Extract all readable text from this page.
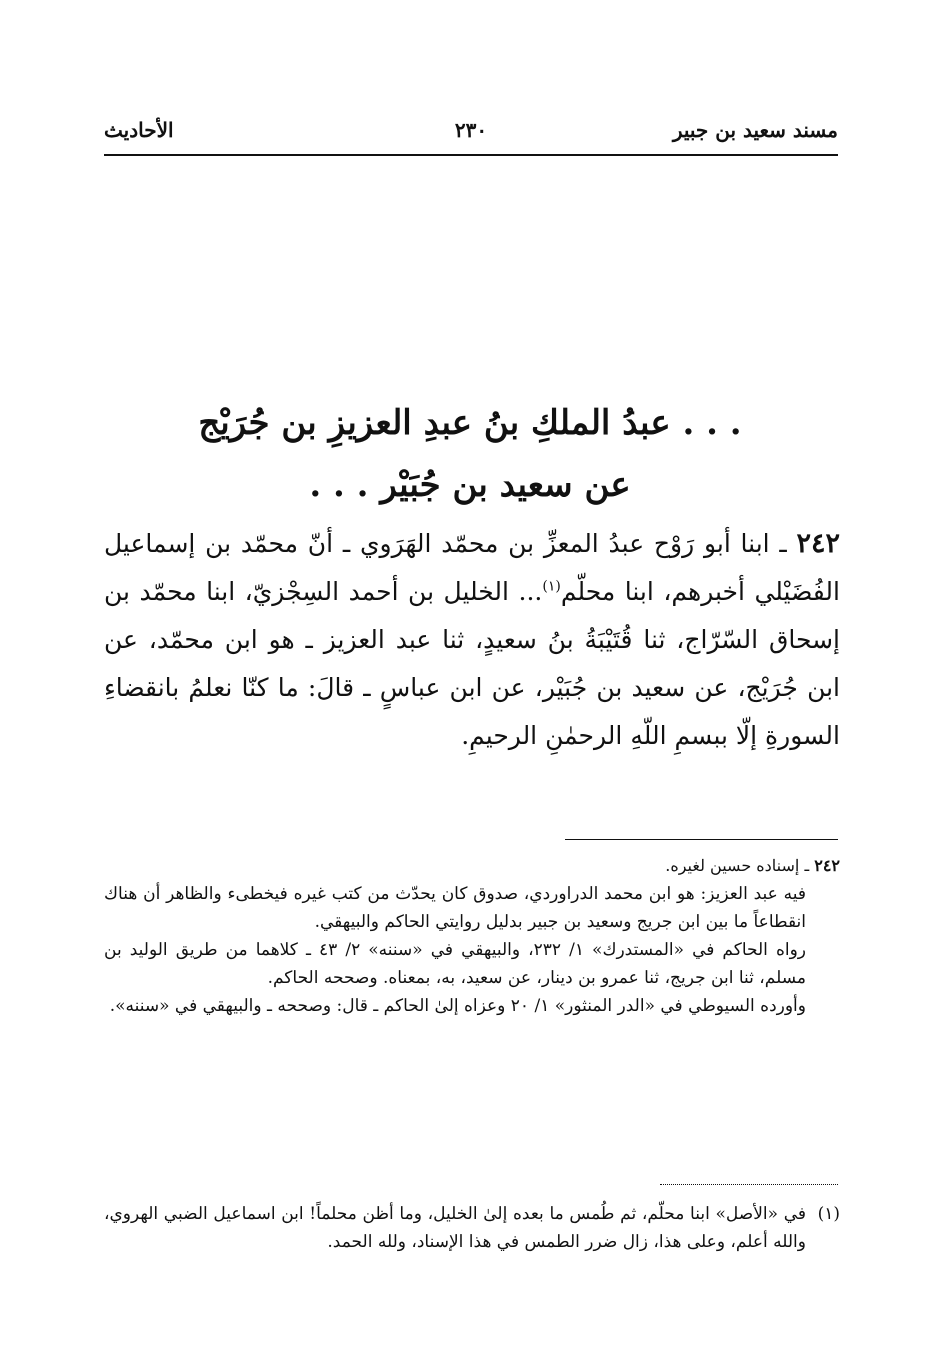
مسند سعيد بن جبير
٢٣٠
الأحاديث
. . . عبدُ الملكِ بنُ عبدِ العزيزِ بن جُرَيْج
عن سعيد بن جُبَيْر . . .

٢٤٢ ـ ابنا أبو رَوْح عبدُ المعزِّ بن محمّد الهَرَوي ـ أنّ محمّد بن إسماعيل الفُضَيْلي أخبرهم، ابنا محلّم$^{(١)}$... الخليل بن أحمد السِجْزيّ، ابنا محمّد بن إسحاق السّرّاج، ثنا قُتَيْبَةُ بنُ سعيدٍ، ثنا عبد العزيز ـ هو ابن محمّد، عن ابن جُرَيْج، عن سعيد بن جُبَيْر، عن ابن عباسٍ ـ قالَ: ما كنّا نعلمُ بانقضاءِ السورةِ إلّا ببسمِ اللّهِ الرحمٰنِ الرحيمِ.

٢٤٢ ـ إسناده حسين لغيره.

فيه عبد العزيز: هو ابن محمد الدراوردي، صدوق كان يحدّث من كتب غيره فيخطىء والظاهر أن هناك انقطاعاً ما بين ابن جريج وسعيد بن جبير بدليل روايتي الحاكم والبيهقي.

رواه الحاكم في «المستدرك» ١/ ٢٣٢، والبيهقي في «سننه» ٢/ ٤٣ ـ كلاهما من طريق الوليد بن مسلم، ثنا ابن جريج، ثنا عمرو بن دينار، عن سعيد، به، بمعناه. وصححه الحاكم.

وأورده السيوطي في «الدر المنثور» ١/ ٢٠ وعزاه إلىٰ الحاكم ـ قال: وصححه ـ والبيهقي في «سننه».

(١)

في «الأصل» ابنا محلّم، ثم طُمس ما بعده إلىٰ الخليل، وما أظن محلماً! ابن اسماعيل الضبي الهروي، والله أعلم، وعلى هذا، زال ضرر الطمس في هذا الإسناد، ولله الحمد.
